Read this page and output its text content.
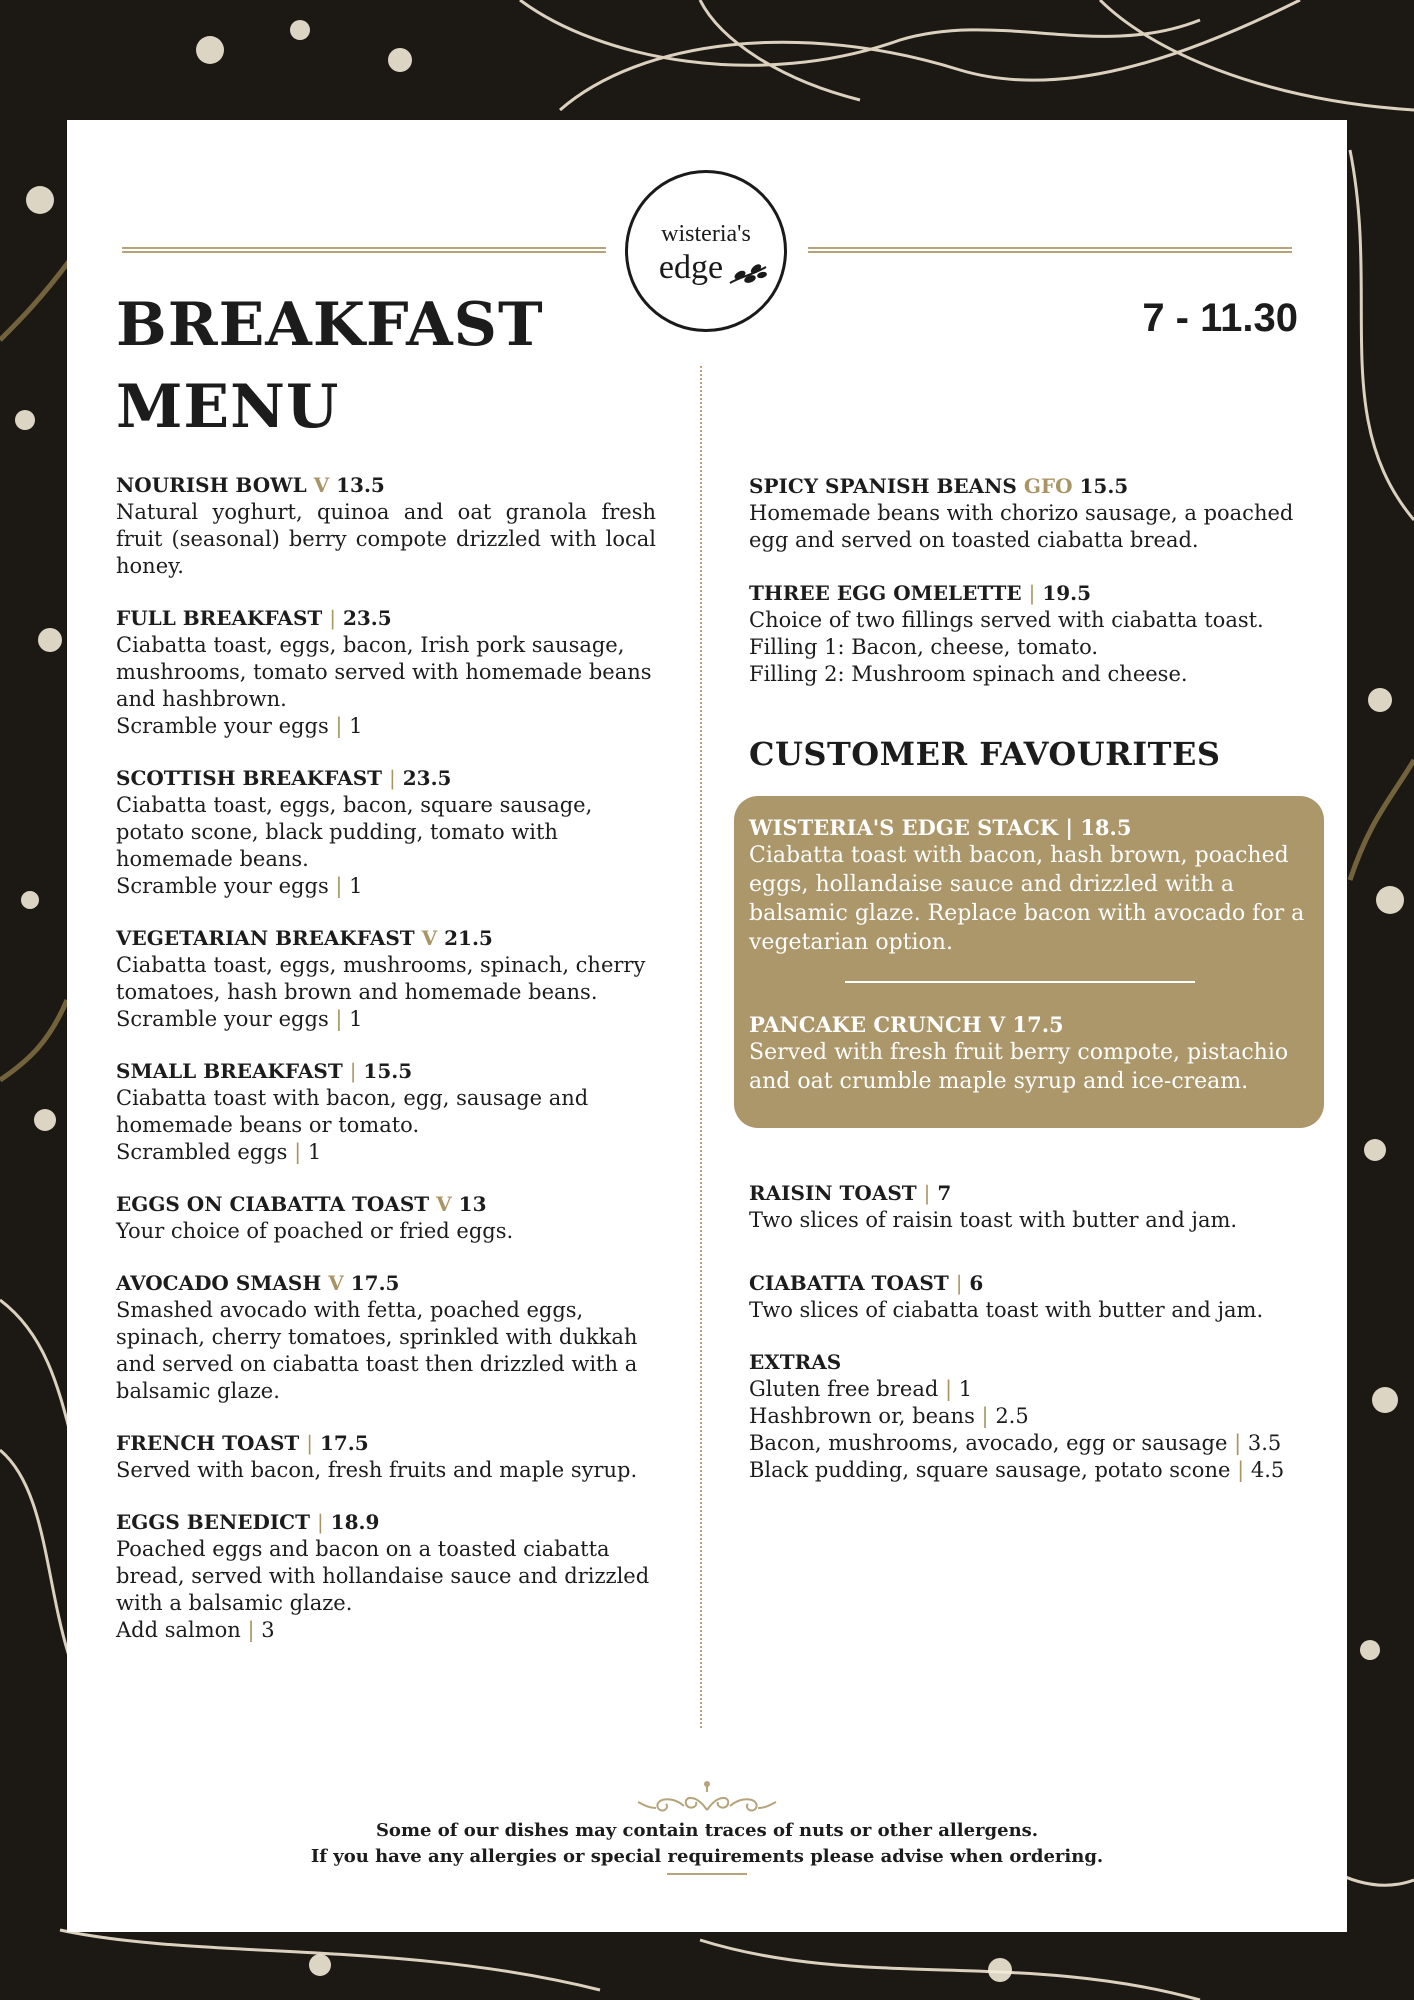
wisteria's
edge
BREAKFAST
MENU
7 - 11.30
NOURISH BOWL V 13.5
Natural yoghurt, quinoa and oat granola fresh fruit (seasonal) berry compote drizzled with local honey.
FULL BREAKFAST | 23.5
Ciabatta toast, eggs, bacon, Irish pork sausage, mushrooms, tomato served with homemade beans and hashbrown.
Scramble your eggs | 1
SCOTTISH BREAKFAST | 23.5
Ciabatta toast, eggs, bacon, square sausage, potato scone, black pudding, tomato with homemade beans.
Scramble your eggs | 1
VEGETARIAN BREAKFAST V 21.5
Ciabatta toast, eggs, mushrooms, spinach, cherry tomatoes, hash brown and homemade beans.
Scramble your eggs | 1
SMALL BREAKFAST | 15.5
Ciabatta toast with bacon, egg, sausage and homemade beans or tomato.
Scrambled eggs | 1
EGGS ON CIABATTA TOAST V 13
Your choice of poached or fried eggs.
AVOCADO SMASH V 17.5
Smashed avocado with fetta, poached eggs, spinach, cherry tomatoes, sprinkled with dukkah and served on ciabatta toast then drizzled with a balsamic glaze.
FRENCH TOAST | 17.5
Served with bacon, fresh fruits and maple syrup.
EGGS BENEDICT | 18.9
Poached eggs and bacon on a toasted ciabatta bread, served with hollandaise sauce and drizzled with a balsamic glaze.
Add salmon | 3
SPICY SPANISH BEANS GFO 15.5
Homemade beans with chorizo sausage, a poached egg and served on toasted ciabatta bread.
THREE EGG OMELETTE | 19.5
Choice of two fillings served with ciabatta toast.
Filling 1: Bacon, cheese, tomato.
Filling 2: Mushroom spinach and cheese.
CUSTOMER FAVOURITES
WISTERIA'S EDGE STACK | 18.5
Ciabatta toast with bacon, hash brown, poached eggs, hollandaise sauce and drizzled with a balsamic glaze. Replace bacon with avocado for a vegetarian option.
PANCAKE CRUNCH V 17.5
Served with fresh fruit berry compote, pistachio and oat crumble maple syrup and ice-cream.
RAISIN TOAST | 7
Two slices of raisin toast with butter and jam.
CIABATTA TOAST | 6
Two slices of ciabatta toast with butter and jam.
EXTRAS
Gluten free bread | 1
Hashbrown or, beans | 2.5
Bacon, mushrooms, avocado, egg or sausage | 3.5
Black pudding, square sausage, potato scone | 4.5
Some of our dishes may contain traces of nuts or other allergens.
If you have any allergies or special requirements please advise when ordering.
